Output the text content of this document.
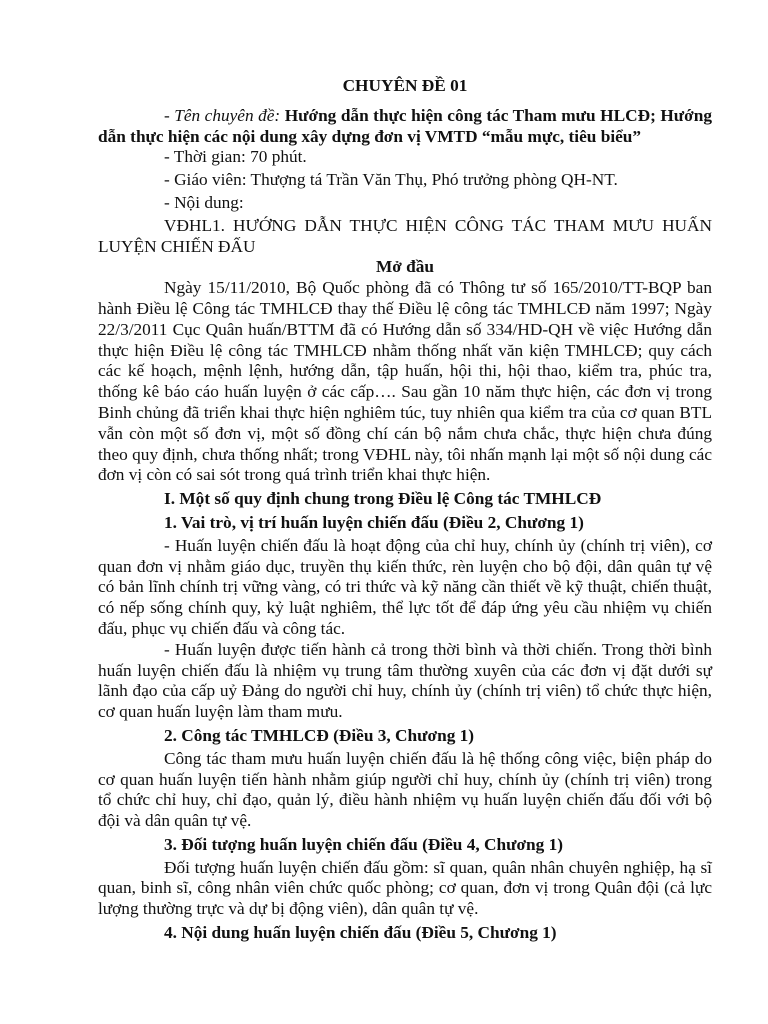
CHUYÊN ĐỀ 01

- Tên chuyên đề: Hướng dẫn thực hiện công tác Tham mưu HLCĐ; Hướng dẫn thực hiện các nội dung xây dựng đơn vị VMTD “mẫu mực, tiêu biểu”

- Thời gian: 70 phút.

- Giáo viên: Thượng tá Trần Văn Thụ, Phó trưởng phòng QH-NT.

- Nội dung:

VĐHL1. HƯỚNG DẪN THỰC HIỆN CÔNG TÁC THAM MƯU HUẤN LUYỆN CHIẾN ĐẤU

Mở đầu

Ngày 15/11/2010, Bộ Quốc phòng đã có Thông tư số 165/2010/TT-BQP ban hành Điều lệ Công tác TMHLCĐ thay thế Điều lệ công tác TMHLCĐ năm 1997; Ngày 22/3/2011 Cục Quân huấn/BTTM đã có Hướng dẫn số 334/HD-QH về việc Hướng dẫn thực hiện Điều lệ công tác TMHLCĐ nhằm thống nhất văn kiện TMHLCĐ; quy cách các kế hoạch, mệnh lệnh, hướng dẫn, tập huấn, hội thi, hội thao, kiểm tra, phúc tra, thống kê báo cáo huấn luyện ở các cấp…. Sau gần 10 năm thực hiện, các đơn vị trong Binh chủng đã triển khai thực hiện nghiêm túc, tuy nhiên qua kiểm tra của cơ quan BTL vẫn còn một số đơn vị, một số đồng chí cán bộ nắm chưa chắc, thực hiện chưa đúng theo quy định, chưa thống nhất; trong VĐHL này, tôi nhấn mạnh lại một số nội dung các đơn vị còn có sai sót trong quá trình triển khai thực hiện.

I. Một số quy định chung trong Điều lệ Công tác TMHLCĐ
1. Vai trò, vị trí huấn luyện chiến đấu (Điều 2, Chương 1)

- Huấn luyện chiến đấu là hoạt động của chỉ huy, chính ủy (chính trị viên), cơ quan đơn vị nhằm giáo dục, truyền thụ kiến thức, rèn luyện cho bộ đội, dân quân tự vệ có bản lĩnh chính trị vững vàng, có tri thức và kỹ năng cần thiết về kỹ thuật, chiến thuật, có nếp sống chính quy, kỷ luật nghiêm, thể lực tốt để đáp ứng yêu cầu nhiệm vụ chiến đấu, phục vụ chiến đấu và công tác.

- Huấn luyện được tiến hành cả trong thời bình và thời chiến. Trong thời bình huấn luyện chiến đấu là nhiệm vụ trung tâm thường xuyên của các đơn vị đặt dưới sự lãnh đạo của cấp uỷ Đảng do người chỉ huy, chính ủy (chính trị viên) tổ chức thực hiện, cơ quan huấn luyện làm tham mưu.

2. Công tác TMHLCĐ (Điều 3, Chương 1)

Công tác tham mưu huấn luyện chiến đấu là hệ thống công việc, biện pháp do cơ quan huấn luyện tiến hành nhằm giúp người chỉ huy, chính ủy (chính trị viên) trong tổ chức chỉ huy, chỉ đạo, quản lý, điều hành nhiệm vụ huấn luyện chiến đấu đối với bộ đội và dân quân tự vệ.

3. Đối tượng huấn luyện chiến đấu (Điều 4, Chương 1)

Đối tượng huấn luyện chiến đấu gồm: sĩ quan, quân nhân chuyên nghiệp, hạ sĩ quan, binh sĩ, công nhân viên chức quốc phòng; cơ quan, đơn vị trong Quân đội (cả lực lượng thường trực và dự bị động viên), dân quân tự vệ.

4. Nội dung huấn luyện chiến đấu (Điều 5, Chương 1)
